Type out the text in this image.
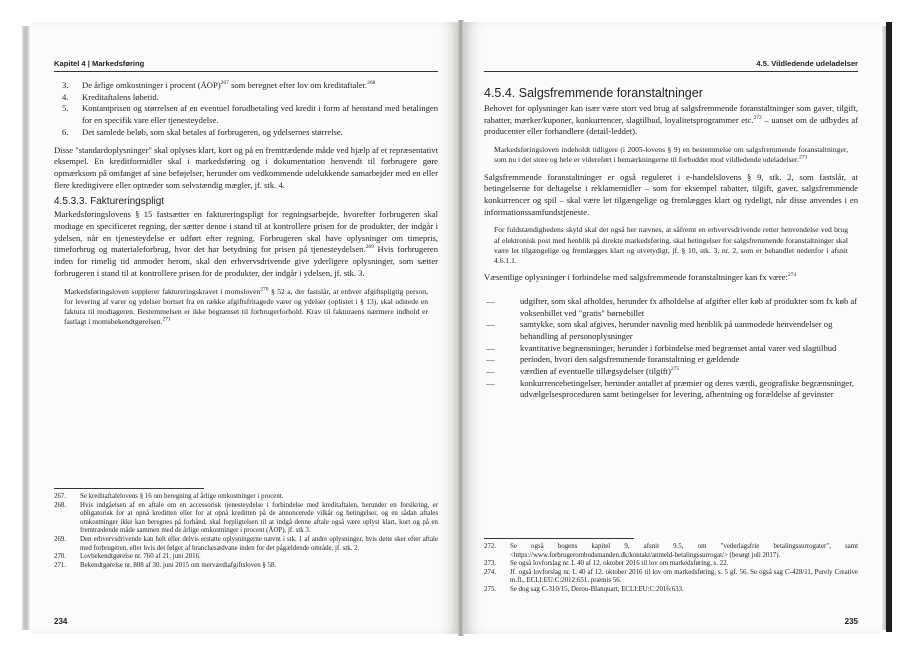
Kapitel 4 | Markedsføring
3. De årlige omkostninger i procent (ÅOP)$^{267}$ som beregnet efter lov om kreditaftaler.$^{268}$
4. Kreditaftalens løbetid.
5. Kontantprisen og størrelsen af en eventuel forudbetaling ved kredit i form af henstand med betalingen for en specifik vare eller tjenesteydelse.
6. Det samlede beløb, som skal betales af forbrugeren, og ydelsernes størrelse.

Disse "standardoplysninger" skal oplyses klart, kort og på en fremtrædende måde ved hjælp af et repræsentativt eksempel. En kreditformidler skal i markedsføring og i dokumentation henvendt til forbrugere gøre opmærksom på omfanget af sine beføjelser, herunder om vedkommende udelukkende samarbejder med en eller flere kreditgivere eller optræder som selvstændig mægler, jf. stk. 4.

4.5.3.3. Faktureringspligt

Markedsføringslovens § 15 fastsætter en faktureringspligt for regningsarbejde, hvorefter forbrugeren skal modtage en specificeret regning, der sætter denne i stand til at kontrollere prisen for de produkter, der indgår i ydelsen, når en tjenesteydelse er udført efter regning. Forbrugeren skal have oplysninger om timepris, timeforbrug og materialeforbrug, hvor det har betydning for prisen på tjenesteydelsen.$^{269}$ Hvis forbrugeren inden for rimelig tid anmoder herom, skal den erhvervsdrivende give yderligere oplysninger, som sætter forbrugeren i stand til at kontrollere prisen for de produkter, der indgår i ydelsen, jf. stk. 3.

Markedsføringsloven supplerer faktureringskravet i momsloven$^{270}$ § 52 a, der fastslår, at enhver afgiftspligtig person, for levering af varer og ydelser bortset fra en række afgiftsfritagede varer og ydelser (oplistet i § 13), skal udstede en faktura til modtageren. Bestemmelsen er ikke begrænset til forbrugerforhold. Krav til fakturaens nærmere indhold er fastlagt i momsbekendtgørelsen.$^{271}$
267. Se kreditaftalelovens § 16 om beregning af årlige omkostninger i procent.
268. Hvis indgåelsen af en aftale om en accessorisk tjenesteydelse i forbindelse med kreditaftalen, herunder en forsikring, er obligatorisk for at opnå kreditten eller for at opnå kreditten på de annoncerede vilkår og betingelser, og en sådan aftales omkostninger ikke kan beregnes på forhånd, skal forpligtelsen til at indgå denne aftale også være oplyst klart, kort og på en fremtrædende måde sammen med de årlige omkostninger i procent (ÅOP), jf. stk 3.
269. Den erhvervsdrivende kan helt eller delvis erstatte oplysningerne nævnt i stk. 1 af andre oplysninger, hvis dette sker efter aftale med forbrugeren, eller hvis det følger af branchesædvane inden for det pågældende område, jf. stk. 2.
270. Lovbekendtgørelse nr. 760 af 21. juni 2016.
271. Bekendtgørelse nr. 808 af 30. juni 2015 om merværdiafgiftsloven § 58.
234
4.5. Vildledende udeladelser
4.5.4. Salgsfremmende foranstaltninger

Behovet for oplysninger kan især være stort ved brug af salgsfremmende foranstaltninger som gaver, tilgift, rabatter, mærker/kuponer, konkurrencer, slagtilbud, loyalitetsprogrammer etc.$^{272}$ – uanset om de udbydes af producenter eller forhandlere (detail-leddet).

Markedsføringsloven indeholdt tidligere (i 2005-lovens § 9) en bestemmelse om salgsfremmende foranstaltninger, som nu i det store og hele er videreført i bemærkningerne til forbuddet mod vildledende udeladelser.$^{273}$

Salgsfremmende foranstaltninger er også reguleret i e-handelslovens § 9, stk. 2, som fastslår, at betingelserne for deltagelse i reklamemidler – som for eksempel rabatter, tilgift, gaver, salgsfremmende konkurrencer og spil – skal være let tilgængelige og fremlægges klart og tydeligt, når disse anvendes i en informationssamfundstjeneste.

For fuldstændighedens skyld skal det også her nævnes, at såfremt en erhvervsdrivende retter henvendelse ved brug af elektronisk post med henblik på direkte markedsføring, skal betingelser for salgsfremmende foranstaltninger skal være let tilgængelige og fremlægges klart og utvetydigt, jf. § 10, stk. 3, nr. 2, som er behandlet nedenfor i afsnit 4.6.1.1.

Væsentlige oplysninger i forbindelse med salgsfremmende foranstaltninger kan fx være:$^{274}$

—	udgifter, som skal afholdes, herunder fx afholdelse af afgifter eller køb af produkter som fx køb af voksenbillet ved "gratis" børnebillet
—	samtykke, som skal afgives, herunder navnlig med henblik på uanmodede henvendelser og behandling af personoplysninger
—	kvantitative begrænsninger, herunder i forbindelse med begrænset antal varer ved slagtilbud
—	perioden, hvori den salgsfremmende foranstaltning er gældende
—	værdien af eventuelle tillægsydelser (tilgift)$^{275}$
—	konkurrencebetingelser, herunder antallet af præmier og deres værdi, geografiske begrænsninger, udvælgelsesproceduren samt betingelser for levering, afhentning og forældelse af gevinster
272. Se også bogens kapitel 9, afsnit 9.5, om "vederlagsfrie betalingssurrogater", samt <https://www.forbrugerombudsmanden.dk/kontakt/anmeld-betalingssurrogat/> (besøgt juli 2017).
273. Se også lovforslag nr. L 40 af 12. oktober 2016 til lov om markedsføring, s. 22.
274. Jf. også lovforslag nr. L 40 af 12. oktober 2016 til lov om markedsføring, s. 5 gf. 56. Se også sag C-428/11, Purely Creative m.fl., ECLI:EU:C:2012:651, præmis 56.
275. Se dog sag C-310/15, Deroo-Blanquart, ECLI:EU:C:2016:633.
235
